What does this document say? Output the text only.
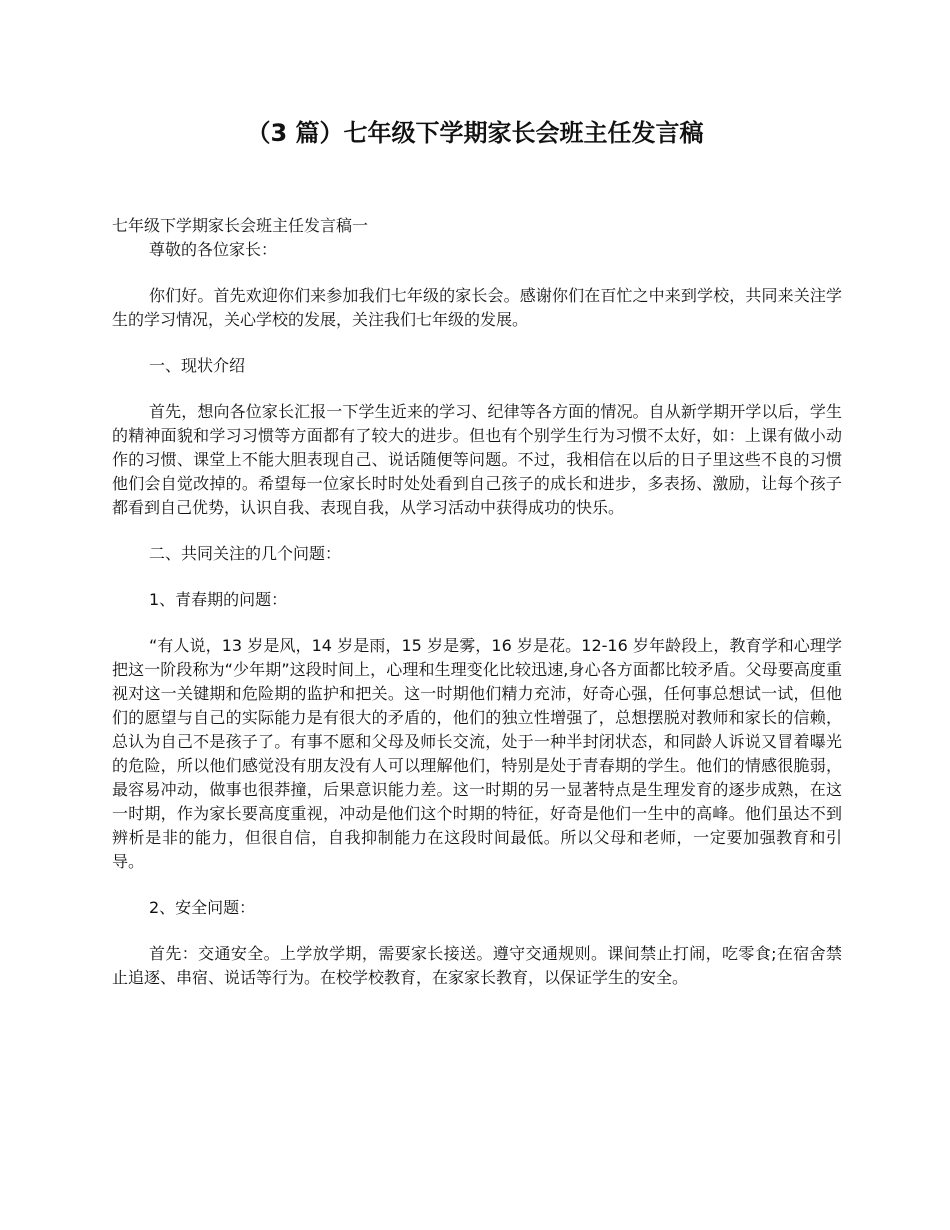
（3 篇）七年级下学期家长会班主任发言稿

七年级下学期家长会班主任发言稿一

尊敬的各位家长：

你们好。首先欢迎你们来参加我们七年级的家长会。感谢你们在百忙之中来到学校，共同来关注学生的学习情况，关心学校的发展，关注我们七年级的发展。

一、现状介绍

首先，想向各位家长汇报一下学生近来的学习、纪律等各方面的情况。自从新学期开学以后，学生的精神面貌和学习习惯等方面都有了较大的进步。但也有个别学生行为习惯不太好，如：上课有做小动作的习惯、课堂上不能大胆表现自己、说话随便等问题。不过，我相信在以后的日子里这些不良的习惯他们会自觉改掉的。希望每一位家长时时处处看到自己孩子的成长和进步，多表扬、激励，让每个孩子都看到自己优势，认识自我、表现自我，从学习活动中获得成功的快乐。

二、共同关注的几个问题：

1、青春期的问题：

“有人说，13 岁是风，14 岁是雨，15 岁是雾，16 岁是花。12-16 岁年龄段上，教育学和心理学把这一阶段称为“少年期”这段时间上，心理和生理变化比较迅速,身心各方面都比较矛盾。父母要高度重视对这一关键期和危险期的监护和把关。这一时期他们精力充沛，好奇心强，任何事总想试一试，但他们的愿望与自己的实际能力是有很大的矛盾的，他们的独立性增强了，总想摆脱对教师和家长的信赖，总认为自己不是孩子了。有事不愿和父母及师长交流，处于一种半封闭状态，和同龄人诉说又冒着曝光的危险，所以他们感觉没有朋友没有人可以理解他们，特别是处于青春期的学生。他们的情感很脆弱，最容易冲动，做事也很莽撞，后果意识能力差。这一时期的另一显著特点是生理发育的逐步成熟，在这一时期，作为家长要高度重视，冲动是他们这个时期的特征，好奇是他们一生中的高峰。他们虽达不到辨析是非的能力，但很自信，自我抑制能力在这段时间最低。所以父母和老师，一定要加强教育和引导。

2、安全问题：

首先：交通安全。上学放学期，需要家长接送。遵守交通规则。课间禁止打闹，吃零食;在宿舍禁止追逐、串宿、说话等行为。在校学校教育，在家家长教育，以保证学生的安全。
